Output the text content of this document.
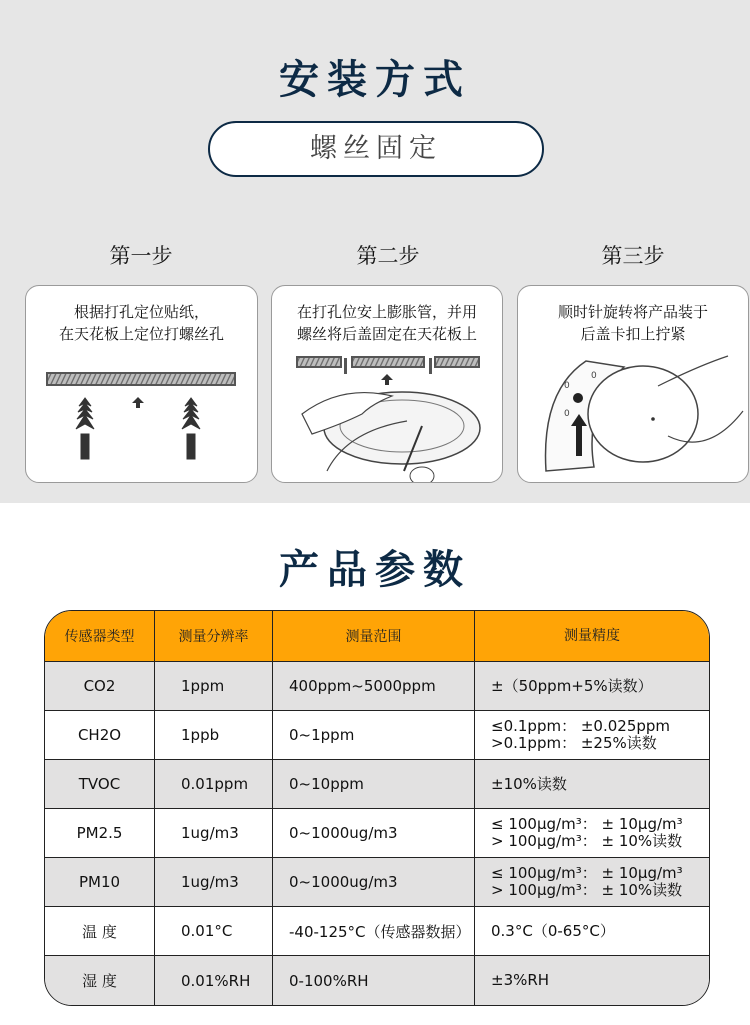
安装方式
螺丝固定
第一步	第二步	第三步
根据打孔定位贴纸，
在天花板上定位打螺丝孔
在打孔位安上膨胀管，并用
螺丝将后盖固定在天花板上
顺时针旋转将产品装于
后盖卡扣上拧紧
0
0
0
产品参数
传感器类型	测量分辨率	测量范围	测量精度
CO2	1ppm	400ppm~5000ppm	±（50ppm+5%读数）
CH2O	1ppb	0~1ppm	≤0.1ppm： ±0.025ppm
>0.1ppm： ±25%读数
TVOC	0.01ppm	0~10ppm	±10%读数
PM2.5	1ug/m3	0~1000ug/m3	≤ 100μg/m³： ± 10μg/m³
> 100μg/m³： ± 10%读数
PM10	1ug/m3	0~1000ug/m3	≤ 100μg/m³： ± 10μg/m³
> 100μg/m³： ± 10%读数
温 度	0.01°C	-40-125°C（传感器数据）	0.3°C（0-65°C）
湿 度	0.01%RH	0-100%RH	±3%RH
